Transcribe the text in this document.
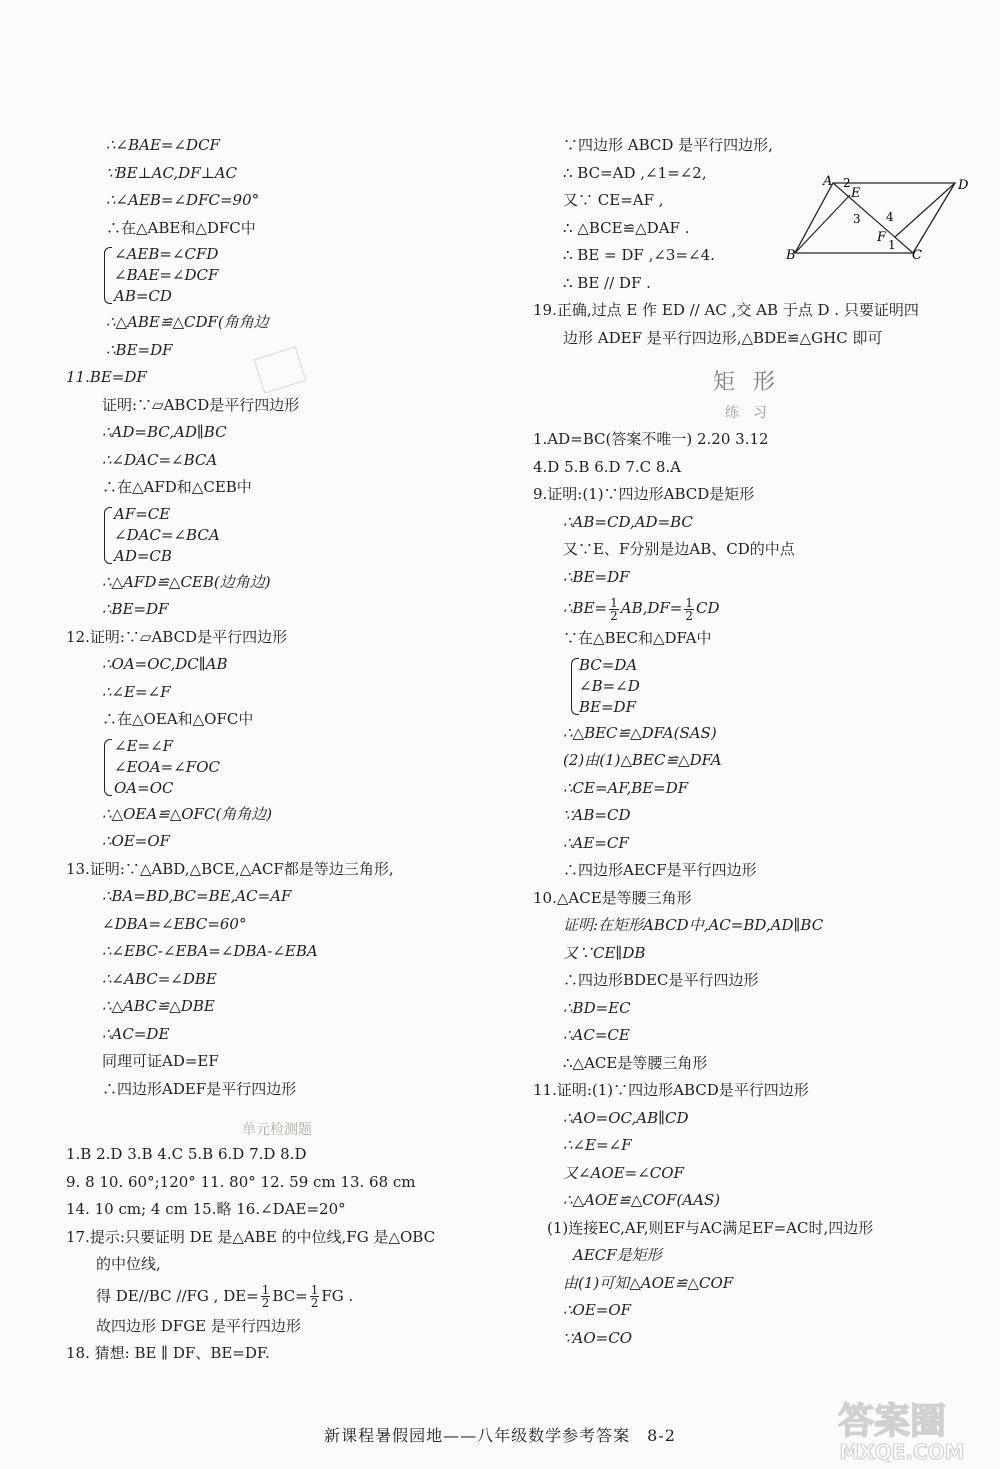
∴∠BAE=∠DCF
∵BE⊥AC,DF⊥AC
∴∠AEB=∠DFC=90°
∴在△ABE和△DFC中
∠AEB=∠CFD
∠BAE=∠DCF
AB=CD
∴△ABE≌△CDF(角角边
∴BE=DF
11.BE=DF
证明:∵▱ABCD是平行四边形
∴AD=BC,AD∥BC
∴∠DAC=∠BCA
∴在△AFD和△CEB中
AF=CE
∠DAC=∠BCA
AD=CB
∴△AFD≌△CEB(边角边)
∴BE=DF
12.证明:∵▱ABCD是平行四边形
∴OA=OC,DC∥AB
∴∠E=∠F
∴在△OEA和△OFC中
∠E=∠F
∠EOA=∠FOC
OA=OC
∴△OEA≌△OFC(角角边)
∴OE=OF
13.证明:∵△ABD,△BCE,△ACF都是等边三角形,
∴BA=BD,BC=BE,AC=AF
∠DBA=∠EBC=60°
∴∠EBC-∠EBA=∠DBA-∠EBA
∴∠ABC=∠DBE
∴△ABC≌△DBE
∴AC=DE
同理可证AD=EF
∴四边形ADEF是平行四边形
单元检测题
1.B 2.D 3.B 4.C 5.B 6.D 7.D 8.D
9. 8 10. 60°;120° 11. 80° 12. 59 cm 13. 68 cm
14. 10 cm; 4 cm 15.略 16.∠DAE=20°
17.提示:只要证明 DE 是△ABE 的中位线,FG 是△OBC
的中位线,
得 DE//BC //FG , $DE= \frac{1}{2} BC= \frac{1}{2}$ FG .
故四边形 DFGE 是平行四边形
18. 猜想: BE ∥ DF、BE=DF.
∵四边形 ABCD 是平行四边形,
∴ BC=AD ,∠1=∠2,
又∵ CE=AF ,
∴ △BCE≌△DAF .
∴ BE = DF ,∠3=∠4.
∴ BE // DF .
19.正确,过点 E 作 ED // AC ,交 AB 于点 D . 只要证明四
边形 ADEF 是平行四边形,△BDE≌△GHC 即可
矩形
练习
1.AD=BC(答案不唯一) 2.20 3.12
4.D 5.B 6.D 7.C 8.A
9.证明:(1)∵四边形ABCD是矩形
∴AB=CD,AD=BC
又∵E、F分别是边AB、CD的中点
∴BE=DF
∴BE= $\frac{1}{2} AB,DF= \frac{1}{2}$ CD
∵在△BEC和△DFA中
BC=DA
∠B=∠D
BE=DF
∴△BEC≌△DFA(SAS)
(2)由(1)△BEC≌△DFA
∴CE=AF,BE=DF
∵AB=CD
∴AE=CF
∴四边形AECF是平行四边形
10.△ACE是等腰三角形
证明:在矩形ABCD中,AC=BD,AD∥BC
又∵CE∥DB
∴四边形BDEC是平行四边形
∴BD=EC
∴AC=CE
∴△ACE是等腰三角形
11.证明:(1)∵四边形ABCD是平行四边形
∴AO=OC,AB∥CD
∴∠E=∠F
又∠AOE=∠COF
∴△AOE≌△COF(AAS)
(1)连接EC,AF,则EF与AC满足EF=AC时,四边形
AECF是矩形
由(1)可知△AOE≌△COF
∴OE=OF
∵AO=CO
A	D
E
B	C
F 1
2
3 4
新课程暑假园地——八年级数学参考答案　8-2	答案圈
MXQE.COM
